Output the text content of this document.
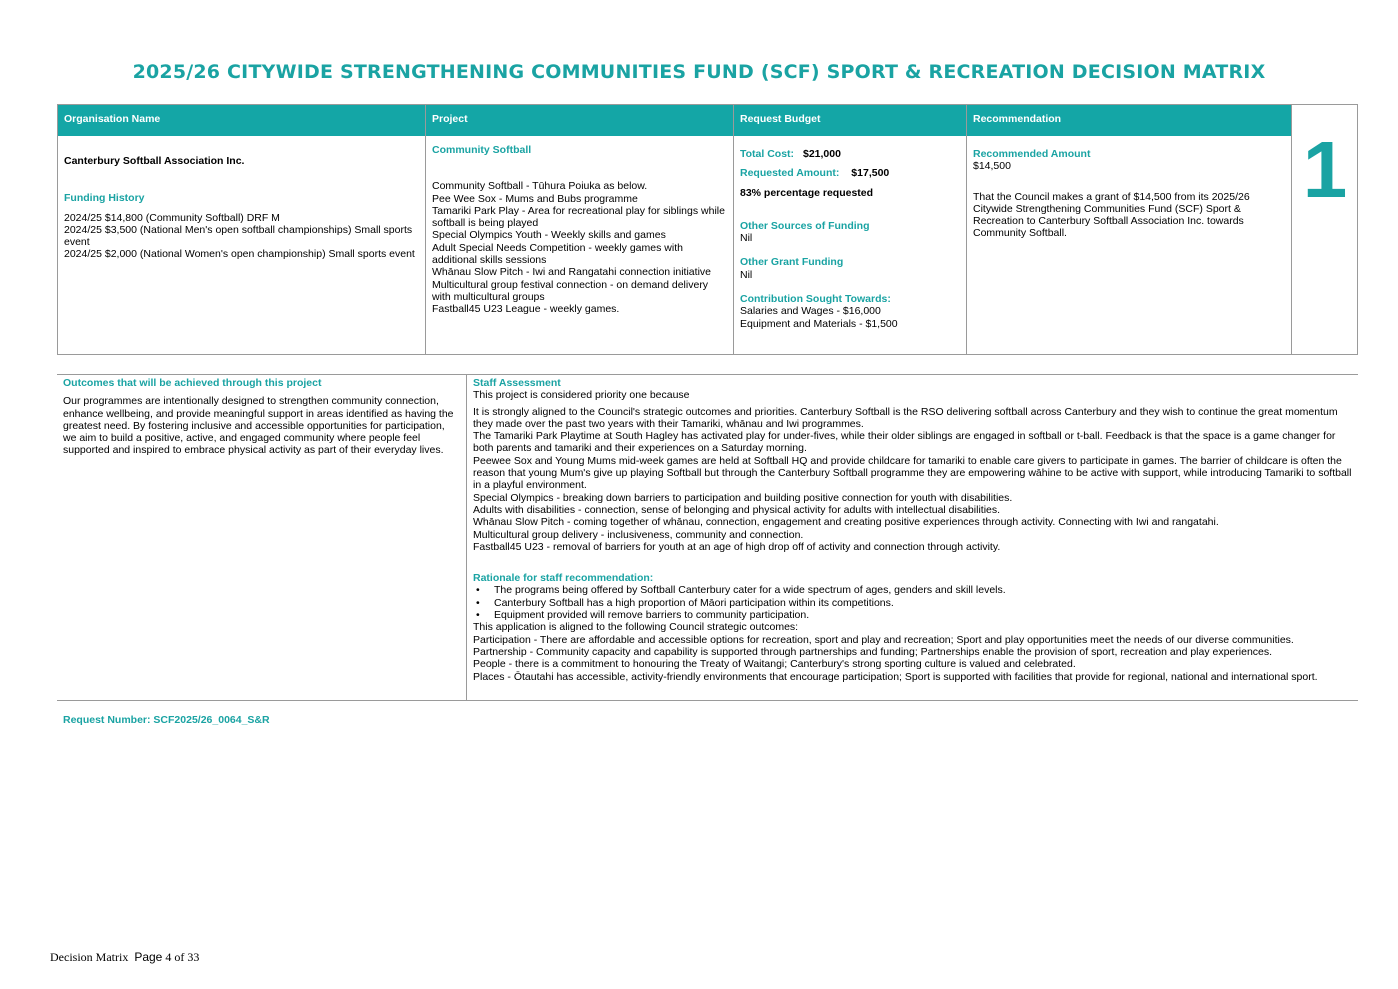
2025/26 CITYWIDE STRENGTHENING COMMUNITIES FUND (SCF) SPORT & RECREATION DECISION MATRIX
Organisation Name
Canterbury Softball Association Inc.
Funding History
2024/25 $14,800 (Community Softball) DRF M
2024/25 $3,500 (National Men's open softball championships) Small sports event
2024/25 $2,000 (National Women's open championship) Small sports event
Project
Community Softball
Community Softball - Tūhura Poiuka as below.
Pee Wee Sox - Mums and Bubs programme
Tamariki Park Play - Area for recreational play for siblings while softball is being played
Special Olympics Youth - Weekly skills and games
Adult Special Needs Competition - weekly games with additional skills sessions
Whānau Slow Pitch - Iwi and Rangatahi connection initiative
Multicultural group festival connection - on demand delivery with multicultural groups
Fastball45 U23 League - weekly games.
Request Budget
Total Cost: $21,000
Requested Amount: $17,500
83% percentage requested
Other Sources of Funding
Nil
Other Grant Funding
Nil
Contribution Sought Towards:
Salaries and Wages - $16,000
Equipment and Materials - $1,500
Recommendation
Recommended Amount
$14,500
That the Council makes a grant of $14,500 from its 2025/26 Citywide Strengthening Communities Fund (SCF) Sport & Recreation to Canterbury Softball Association Inc. towards Community Softball.
1
Outcomes that will be achieved through this project
Our programmes are intentionally designed to strengthen community connection, enhance wellbeing, and provide meaningful support in areas identified as having the greatest need. By fostering inclusive and accessible opportunities for participation, we aim to build a positive, active, and engaged community where people feel supported and inspired to embrace physical activity as part of their everyday lives.
Staff Assessment
This project is considered priority one because
It is strongly aligned to the Council's strategic outcomes and priorities. Canterbury Softball is the RSO delivering softball across Canterbury and they wish to continue the great momentum they made over the past two years with their Tamariki, whānau and Iwi programmes.
The Tamariki Park Playtime at South Hagley has activated play for under-fives, while their older siblings are engaged in softball or t-ball. Feedback is that the space is a game changer for both parents and tamariki and their experiences on a Saturday morning.
Peewee Sox and Young Mums mid-week games are held at Softball HQ and provide childcare for tamariki to enable care givers to participate in games. The barrier of childcare is often the reason that young Mum's give up playing Softball but through the Canterbury Softball programme they are empowering wāhine to be active with support, while introducing Tamariki to softball in a playful environment.
Special Olympics - breaking down barriers to participation and building positive connection for youth with disabilities.
Adults with disabilities - connection, sense of belonging and physical activity for adults with intellectual disabilities.
Whānau Slow Pitch - coming together of whānau, connection, engagement and creating positive experiences through activity. Connecting with Iwi and rangatahi.
Multicultural group delivery - inclusiveness, community and connection.
Fastball45 U23 - removal of barriers for youth at an age of high drop off of activity and connection through activity.
Rationale for staff recommendation:
• The programs being offered by Softball Canterbury cater for a wide spectrum of ages, genders and skill levels.
• Canterbury Softball has a high proportion of Māori participation within its competitions.
• Equipment provided will remove barriers to community participation.
This application is aligned to the following Council strategic outcomes:
Participation - There are affordable and accessible options for recreation, sport and play and recreation; Sport and play opportunities meet the needs of our diverse communities.
Partnership - Community capacity and capability is supported through partnerships and funding; Partnerships enable the provision of sport, recreation and play experiences.
People - there is a commitment to honouring the Treaty of Waitangi; Canterbury's strong sporting culture is valued and celebrated.
Places - Ōtautahi has accessible, activity-friendly environments that encourage participation; Sport is supported with facilities that provide for regional, national and international sport.
Request Number: SCF2025/26_0064_S&R
Decision Matrix Page 4 of 33
